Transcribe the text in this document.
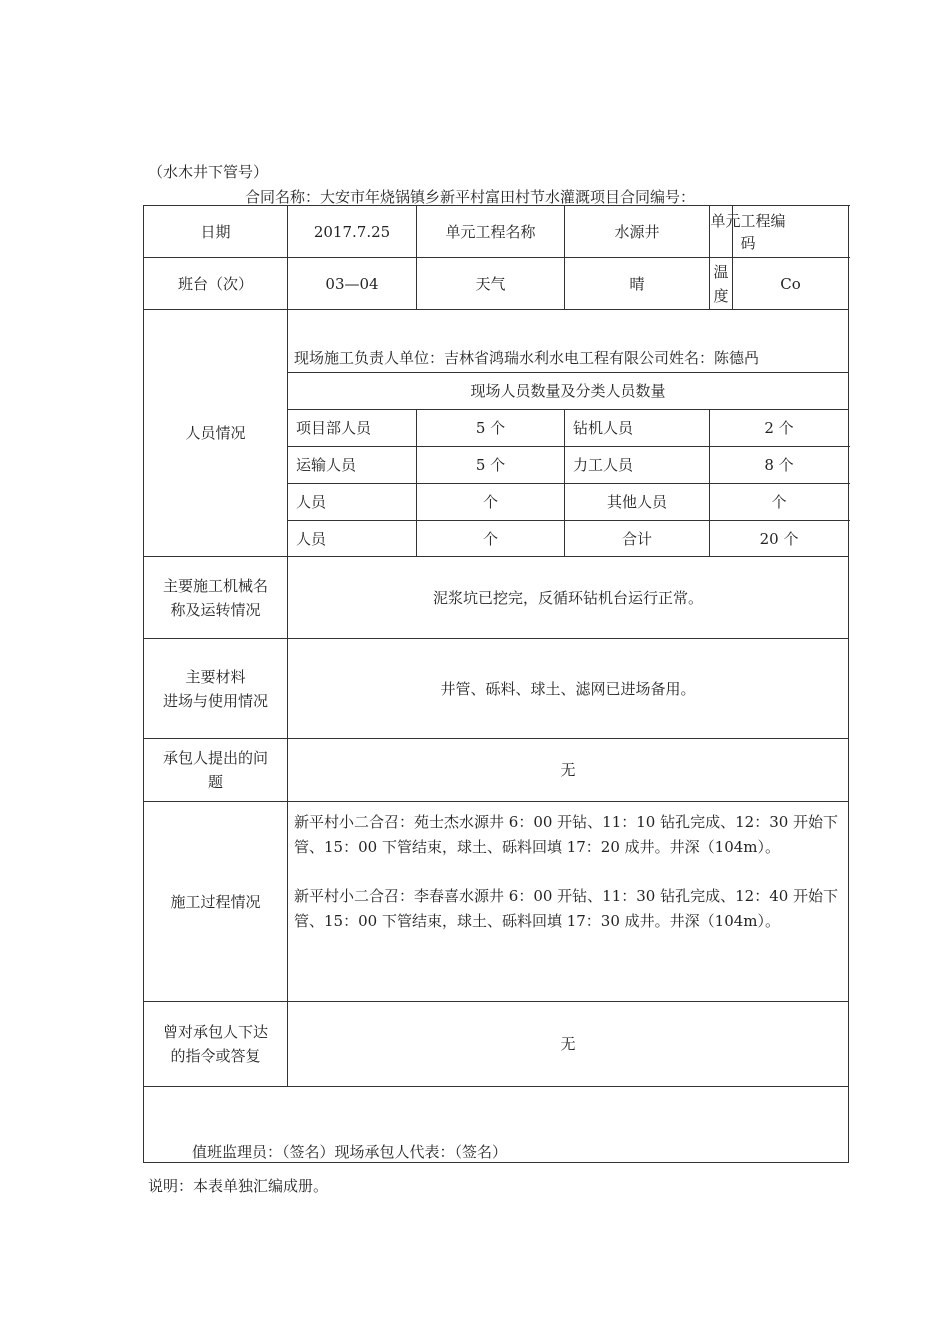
（水木井下管号）
合同名称：大安市年烧锅镇乡新平村富田村节水灌溉项目合同编号：
日期	2017.7.25	单元工程名称	水源井	单元工程编码	

班台（次）	03—04	天气	晴	温度	Co
人员情况	现场施工负责人单位：吉林省鸿瑞水利水电工程有限公司姓名：陈德冎				
	现场人员数量及分类人员数量				
	项目部人员	5 个	钻机人员	2 个	
	运输人员	5 个	力工人员	8 个	
	人员	个	其他人员	个	
	人员	个	合计	20 个	

主要施工机械名
称及运转情况	泥浆坑已挖完，反循环钻机台运行正常。				

主要材料
进场与使用情况	井管、砾料、球土、滤网已进场备用。				

承包人提出的问
题	无				
施工过程情况	新平村小二合召：苑士杰水源井 6：00 开钻、11：10 钻孔完成、12：30 开始下管、15：00 下管结束，球土、砾料回填 17：20 成井。井深（104m）。
新平村小二合召：李春喜水源井 6：00 开钻、11：30 钻孔完成、12：40 开始下管、15：00 下管结束，球土、砾料回填 17：30 成井。井深（104m）。				

曾对承包人下达
的指令或答复	无				
值班监理员：（签名）现场承包人代表：（签名）					
说明：本表单独汇编成册。
